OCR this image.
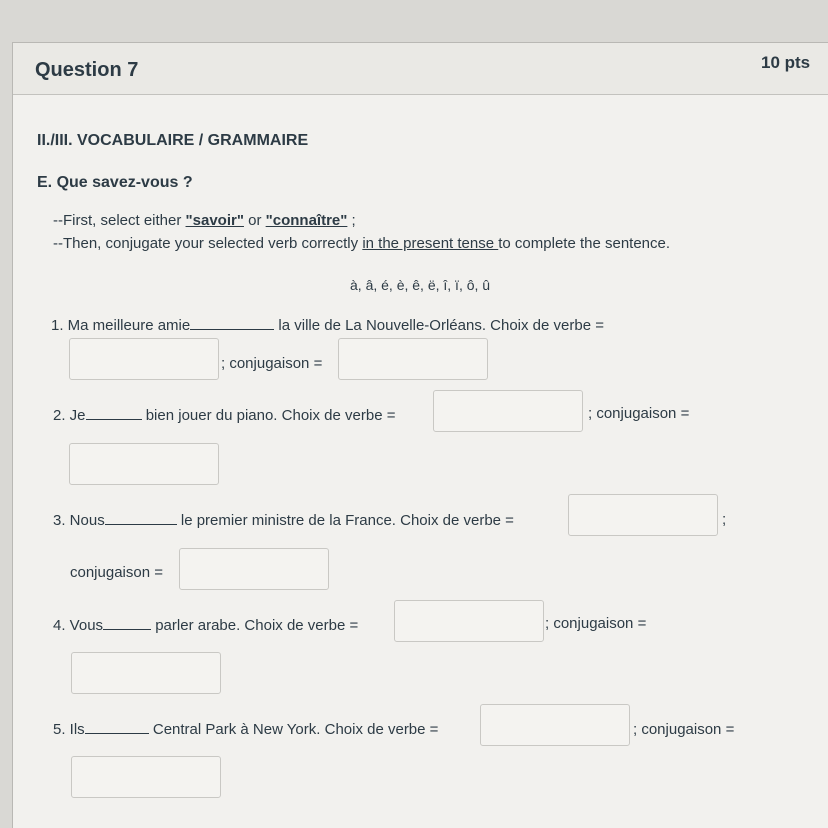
Question 7	10 pts
II./III. VOCABULAIRE / GRAMMAIRE
E. Que savez-vous ?
--First, select either "savoir" or "connaître" ;
--Then, conjugate your selected verb correctly in the present tense to complete the sentence.
à, â, é, è, ê, ë, î, ï, ô, û
1. Ma meilleure amie	la ville de La Nouvelle-Orléans. Choix de verbe =
; conjugaison =
2. Je	bien jouer du piano. Choix de verbe =	; conjugaison =
3. Nous	le premier ministre de la France. Choix de verbe =	;
conjugaison =
4. Vous	parler arabe. Choix de verbe =	; conjugaison =
5. Ils	Central Park à New York. Choix de verbe =	; conjugaison =
